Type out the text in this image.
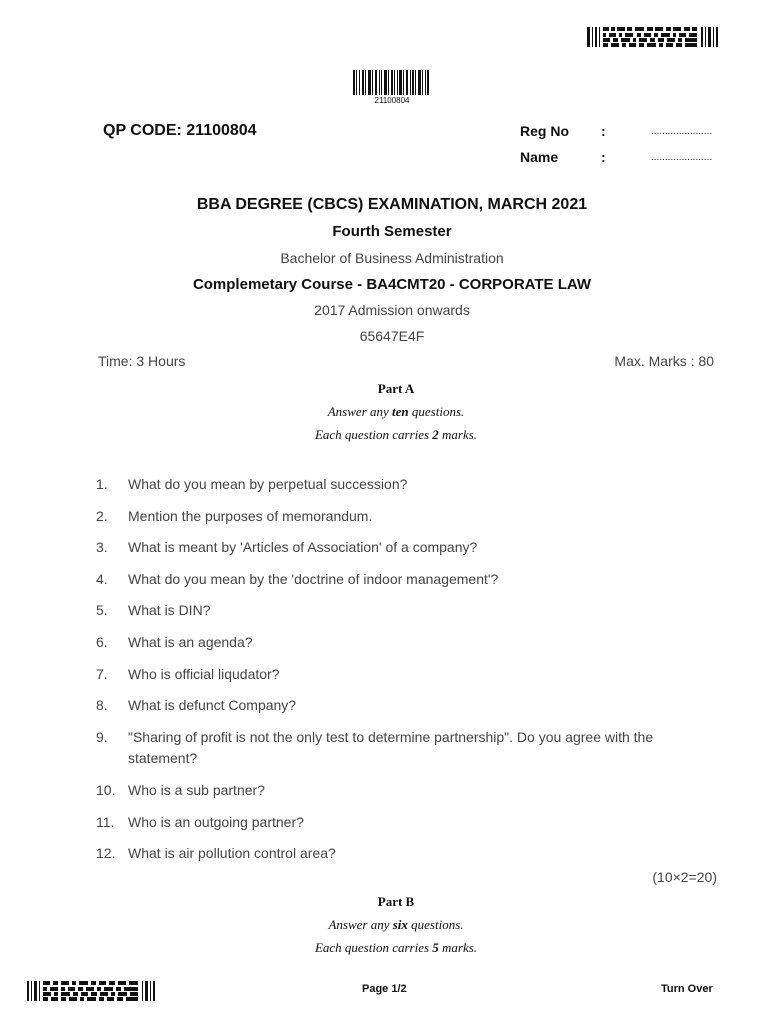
21100804
QP CODE: 21100804	Reg No :	......................
Name	:	......................
BBA DEGREE (CBCS) EXAMINATION, MARCH 2021
Fourth Semester
Bachelor of Business Administration
Complemetary Course - BA4CMT20 - CORPORATE LAW
2017 Admission onwards
65647E4F
Time: 3 Hours	Max. Marks : 80
Part A
Answer any ten questions.
Each question carries 2 marks.
1.	What do you mean by perpetual succession?
2.	Mention the purposes of memorandum.
3.	What is meant by 'Articles of Association' of a company?
4.	What do you mean by the 'doctrine of indoor management'?
5.	What is DIN?
6.	What is an agenda?
7.	Who is official liqudator?
8.	What is defunct Company?
9.	"Sharing of profit is not the only test to determine partnership". Do you agree with the statement?
10. Who is a sub partner?
11. Who is an outgoing partner?
12. What is air pollution control area?
(10×2=20)
Part B
Answer any six questions.
Each question carries 5 marks.
Page 1/2	Turn Over
